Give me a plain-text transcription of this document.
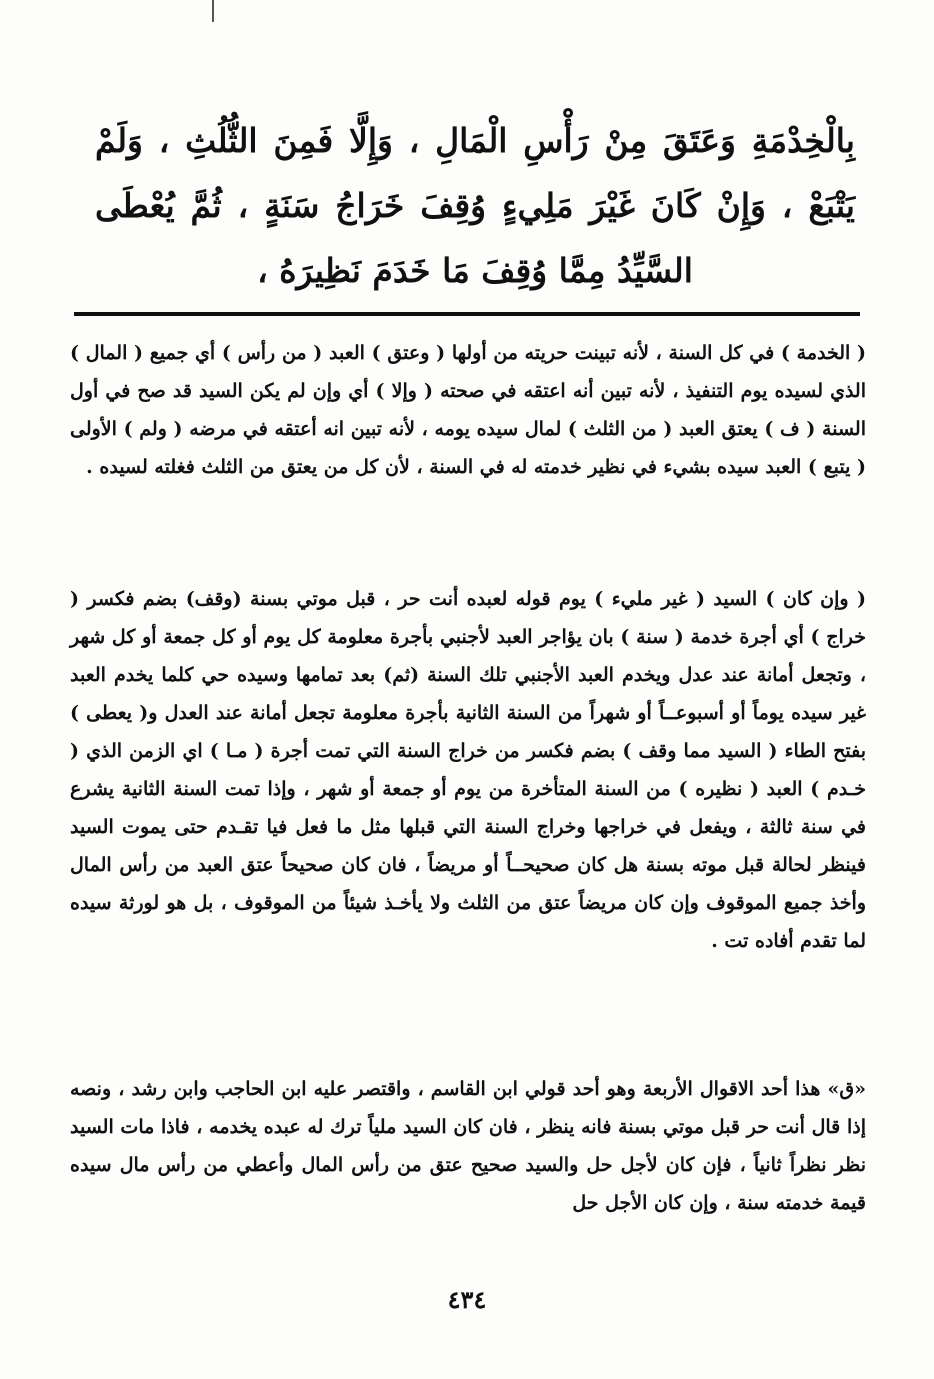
بِالْخِدْمَةِ وَعَتَقَ مِنْ رَأْسِ الْمَالِ ، وَإِلَّا فَمِنَ الثُّلُثِ ، وَلَمْ يَتْبَعْ ، وَإِنْ كَانَ غَيْرَ مَلِيءٍ وُقِفَ خَرَاجُ سَنَةٍ ، ثُمَّ يُعْطَى السَّيِّدُ مِمَّا وُقِفَ مَا خَدَمَ نَظِيرَهُ ،
( الخدمة ) في كل السنة ، لأنه تبينت حريته من أولها ( وعتق ) العبد ( من رأس ) أي جميع ( المال ) الذي لسيده يوم التنفيذ ، لأنه تبين أنه اعتقه في صحته ( وإلا ) أي وإن لم يكن السيد قد صح في أول السنة ( ف ) يعتق العبد ( من الثلث ) لمال سيده يومه ، لأنه تبين انه أعتقه في مرضه ( ولم ) الأولى ( يتبع ) العبد سيده بشيء في نظير خدمته له في السنة ، لأن كل من يعتق من الثلث فغلته لسيده .
( وإن كان ) السيد ( غير مليء ) يوم قوله لعبده أنت حر ، قبل موتي بسنة (وقف) بضم فكسر ( خراج ) أي أجرة خدمة ( سنة ) بان يؤاجر العبد لأجنبي بأجرة معلومة كل يوم أو كل جمعة أو كل شهر ، وتجعل أمانة عند عدل ويخدم العبد الأجنبي تلك السنة (ثم) بعد تمامها وسيده حي كلما يخدم العبد غير سيده يوماً أو أسبوعــاً أو شهراً من السنة الثانية بأجرة معلومة تجعل أمانة عند العدل و( يعطى ) بفتح الطاء ( السيد مما وقف ) بضم فكسر من خراج السنة التي تمت أجرة ( مـا ) اي الزمن الذي ( خـدم ) العبد ( نظيره ) من السنة المتأخرة من يوم أو جمعة أو شهر ، وإذا تمت السنة الثانية يشرع في سنة ثالثة ، ويفعل في خراجها وخراج السنة التي قبلها مثل ما فعل فيا تقـدم حتى يموت السيد فينظر لحالة قبل موته بسنة هل كان صحيحــاً أو مريضاً ، فان كان صحيحاً عتق العبد من رأس المال وأخذ جميع الموقوف وإن كان مريضاً عتق من الثلث ولا يأخـذ شيئاً من الموقوف ، بل هو لورثة سيده لما تقدم أفاده تت .
«ق» هذا أحد الاقوال الأربعة وهو أحد قولي ابن القاسم ، واقتصر عليه ابن الحاجب وابن رشد ، ونصه إذا قال أنت حر قبل موتي بسنة فانه ينظر ، فان كان السيد ملياً ترك له عبده يخدمه ، فاذا مات السيد نظر نظراً ثانياً ، فإن كان لأجل حل والسيد صحيح عتق من رأس المال وأعطي من رأس مال سيده قيمة خدمته سنة ، وإن كان الأجل حل
٤٣٤
